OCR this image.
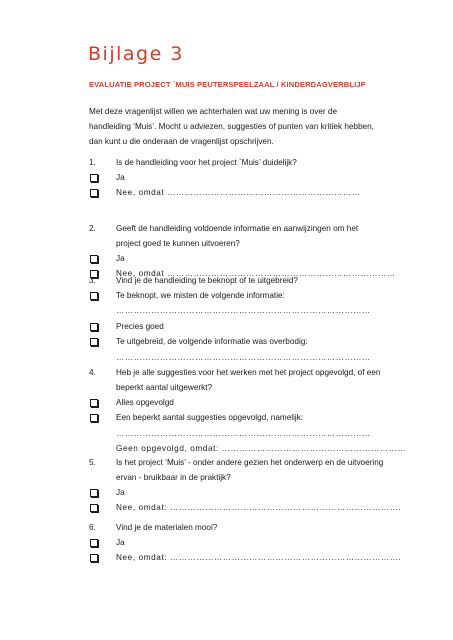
Bijlage 3
EVALUATIE PROJECT `MUIS PEUTERSPEELZAAL / KINDERDAGVERBLIJF
Met deze vragenlijst willen we achterhalen wat uw mening is over de
handleiding ‘Muis’. Mocht u adviezen, suggesties of punten van kritiek hebben,
dan kunt u die onderaan de vragenlijst opschrijven.
1.	Is de handleiding voor het project `Muis’ duidelijk?
Ja
Nee, omdat …………………………………………………………
2.	Geeft de handleiding voldoende informatie en aanwijzingen om het
project goed te kunnen uitvoeren?
Ja
Nee, omdat ……………………………………………………………………
3.	Vind je de handleiding te beknopt of te uitgebreid?
Te beknopt, we misten de volgende informatie:
……………………………………………………………………………
Precies goed
Te uitgebreid, de volgende informatie was overbodig:
……………………………………………………………………………
4.	Heb je alle suggesties voor het werken met het project opgevolgd, of een
beperkt aantal uitgewerkt?
Alles opgevolgd
Een beperkt aantal suggesties opgevolgd, namelijk:
……………………………………………………………………………
Geen opgevolgd, omdat: ………………………………………………………
5.	Is het project ‘Muis’ - onder andere gezien het onderwerp en de uitvoering
ervan - bruikbaar in de praktijk?
Ja
Nee, omdat: …………………………………………………………………….
6.	Vind je de materialen mooi?
Ja
Nee, omdat: …………………………………………………………………….
